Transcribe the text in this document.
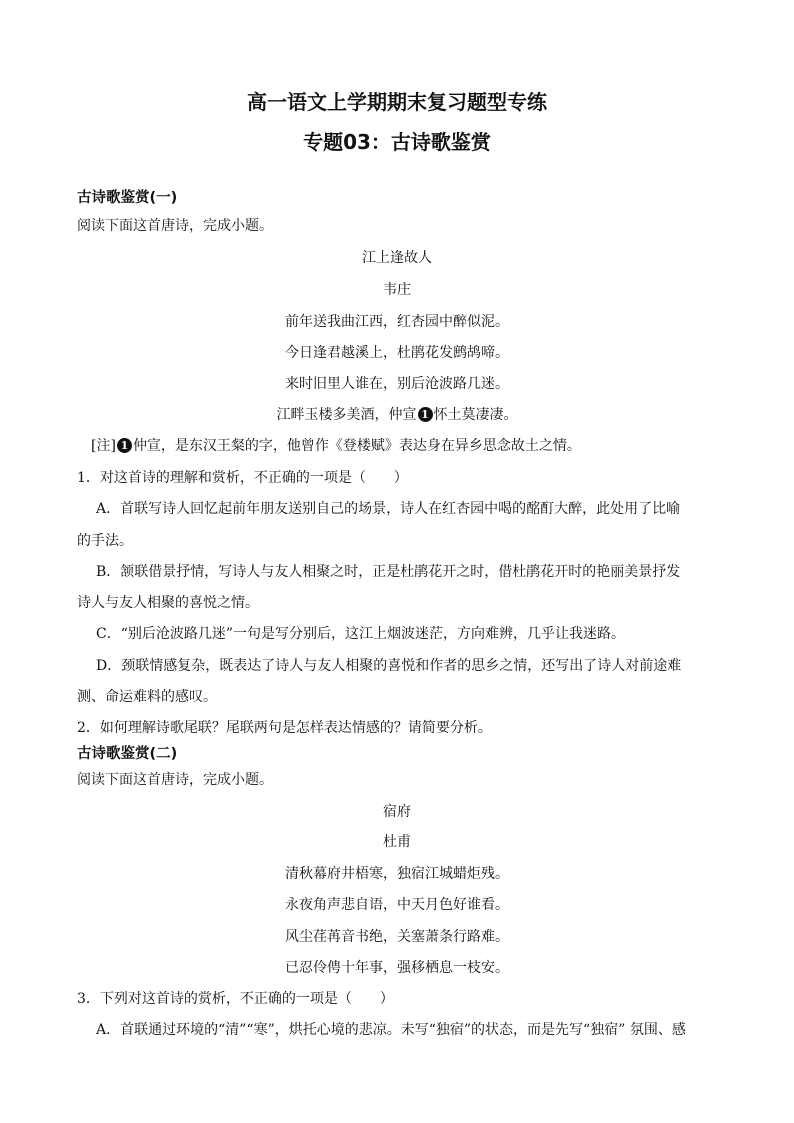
高一语文上学期期末复习题型专练
专题03：古诗歌鉴赏
古诗歌鉴赏(一)
阅读下面这首唐诗，完成小题。
江上逢故人
韦庄
前年送我曲江西，红杏园中醉似泥。
今日逢君越溪上，杜鹃花发鹧鸪啼。
来时旧里人谁在，别后沧波路几迷。
江畔玉楼多美酒，仲宣 1 怀土莫凄凄。
[注] 1 仲宣，是东汉王粲的字，他曾作《登楼赋》表达身在异乡思念故土之情。
1．对这首诗的理解和赏析，不正确的一项是（　　）
A．首联写诗人回忆起前年朋友送别自己的场景，诗人在红杏园中喝的酩酊大醉，此处用了比喻
的手法。
B．颔联借景抒情，写诗人与友人相聚之时，正是杜鹃花开之时，借杜鹃花开时的艳丽美景抒发
诗人与友人相聚的喜悦之情。
C．“别后沧波路几迷”一句是写分别后，这江上烟波迷茫，方向难辨，几乎让我迷路。
D．颈联情感复杂，既表达了诗人与友人相聚的喜悦和作者的思乡之情，还写出了诗人对前途难
测、命运难料的感叹。
2．如何理解诗歌尾联？尾联两句是怎样表达情感的？请简要分析。
古诗歌鉴赏(二)
阅读下面这首唐诗，完成小题。
宿府
杜甫
清秋幕府井梧寒，独宿江城蜡炬残。
永夜角声悲自语，中天月色好谁看。
风尘荏苒音书绝，关塞萧条行路难。
已忍伶俜十年事，强移栖息一枝安。
3．下列对这首诗的赏析，不正确的一项是（　　）
A．首联通过环境的“清”“寒”，烘托心境的悲凉。未写“独宿”的状态，而是先写“独宿” 氛围、感
